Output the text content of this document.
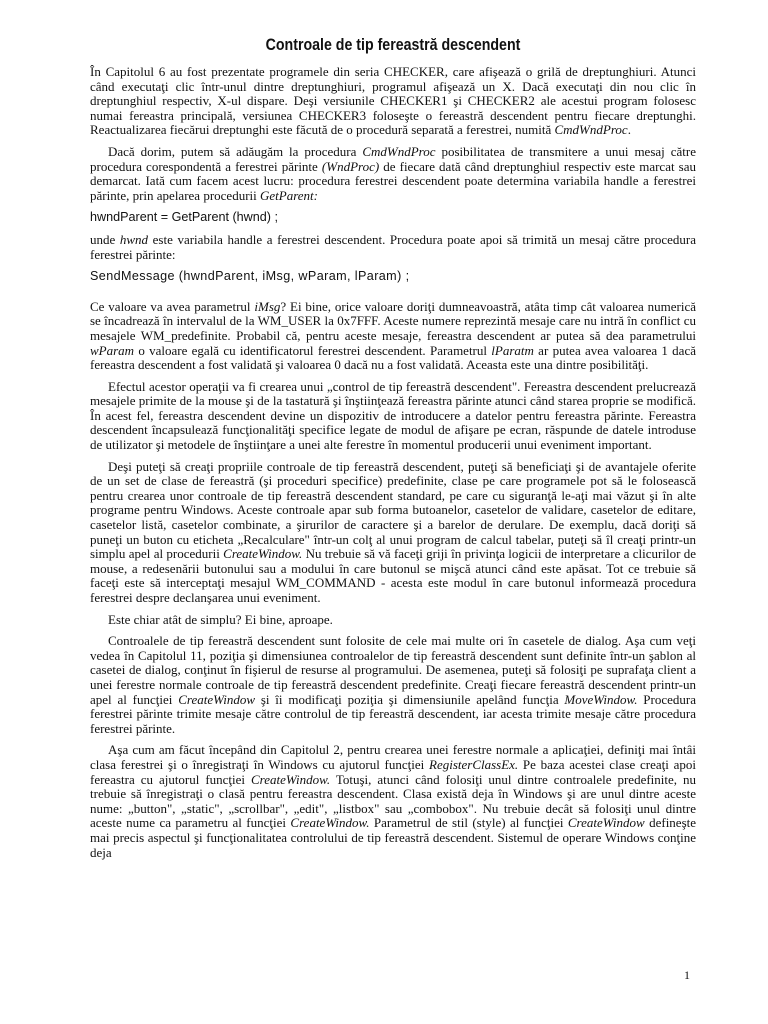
Controale de tip fereastră descendent

În Capitolul 6 au fost prezentate programele din seria CHECKER, care afişează o grilă de dreptunghiuri. Atunci când executaţi clic într-unul dintre dreptunghiuri, programul afişează un X. Dacă executaţi din nou clic în dreptunghiul respectiv, X-ul dispare. Deşi versiunile CHECKER1 şi CHECKER2 ale acestui program folosesc numai fereastra principală, versiunea CHECKER3 foloseşte o fereastră descendent pentru fiecare dreptunghi. Reactualizarea fiecărui dreptunghi este făcută de o procedură separată a ferestrei, numită CmdWndProc.

Dacă dorim, putem să adăugăm la procedura CmdWndProc posibilitatea de transmitere a unui mesaj către procedura corespondentă a ferestrei părinte (WndProc) de fiecare dată când dreptunghiul respectiv este marcat sau demarcat. Iată cum facem acest lucru: procedura ferestrei descendent poate determina variabila handle a ferestrei părinte, prin apelarea procedurii GetParent:

hwndParent = GetParent (hwnd) ;

unde hwnd este variabila handle a ferestrei descendent. Procedura poate apoi să trimită un mesaj către procedura ferestrei părinte:

SendMessage (hwndParent, iMsg, wParam, lParam) ;

Ce valoare va avea parametrul iMsg? Ei bine, orice valoare doriţi dumneavoastră, atâta timp cât valoarea numerică se încadrează în intervalul de la WM_USER la 0x7FFF. Aceste numere reprezintă mesaje care nu intră în conflict cu mesajele WM_predefinite. Probabil că, pentru aceste mesaje, fereastra descendent ar putea să dea parametrului wParam o valoare egală cu identificatorul ferestrei descendent. Parametrul lParatm ar putea avea valoarea 1 dacă fereastra descendent a fost validată şi valoarea 0 dacă nu a fost validată. Aceasta este una dintre posibilităţi.

Efectul acestor operaţii va fi crearea unui „control de tip fereastră descendent". Fereastra descendent prelucrează mesajele primite de la mouse şi de la tastatură şi înştiinţează fereastra părinte atunci când starea proprie se modifică. În acest fel, fereastra descendent devine un dispozitiv de introducere a datelor pentru fereastra părinte. Fereastra descendent încapsulează funcţionalităţi specifice legate de modul de afişare pe ecran, răspunde de datele introduse de utilizator şi metodele de înştiinţare a unei alte ferestre în momentul producerii unui eveniment important.

Deşi puteţi să creaţi propriile controale de tip fereastră descendent, puteţi să beneficiaţi şi de avantajele oferite de un set de clase de fereastră (şi proceduri specifice) predefinite, clase pe care programele pot să le folosească pentru crearea unor controale de tip fereastră descendent standard, pe care cu siguranţă le-aţi mai văzut şi în alte programe pentru Windows. Aceste controale apar sub forma butoanelor, casetelor de validare, casetelor de editare, casetelor listă, casetelor combinate, a şirurilor de caractere şi a barelor de derulare. De exemplu, dacă doriţi să puneţi un buton cu eticheta „Recalculare" într-un colţ al unui program de calcul tabelar, puteţi să îl creaţi printr-un simplu apel al procedurii CreateWindow. Nu trebuie să vă faceţi griji în privinţa logicii de interpretare a clicurilor de mouse, a redesenării butonului sau a modului în care butonul se mişcă atunci când este apăsat. Tot ce trebuie să faceţi este să interceptaţi mesajul WM_COMMAND - acesta este modul în care butonul informează procedura ferestrei despre declanşarea unui eveniment.

Este chiar atât de simplu? Ei bine, aproape.

Controalele de tip fereastră descendent sunt folosite de cele mai multe ori în casetele de dialog. Aşa cum veţi vedea în Capitolul 11, poziţia şi dimensiunea controalelor de tip fereastră descendent sunt definite într-un şablon al casetei de dialog, conţinut în fişierul de resurse al programului. De asemenea, puteţi să folosiţi pe suprafaţa client a unei ferestre normale controale de tip fereastră descendent predefinite. Creaţi fiecare fereastră descendent printr-un apel al funcţiei CreateWindow şi îi modificaţi poziţia şi dimensiunile apelând funcţia MoveWindow. Procedura ferestrei părinte trimite mesaje către controlul de tip fereastră descendent, iar acesta trimite mesaje către procedura ferestrei părinte.

Aşa cum am făcut începând din Capitolul 2, pentru crearea unei ferestre normale a aplicaţiei, definiţi mai întâi clasa ferestrei şi o înregistraţi în Windows cu ajutorul funcţiei RegisterClassEx. Pe baza acestei clase creaţi apoi fereastra cu ajutorul funcţiei CreateWindow. Totuşi, atunci când folosiţi unul dintre controalele predefinite, nu trebuie să înregistraţi o clasă pentru fereastra descendent. Clasa există deja în Windows şi are unul dintre aceste nume: „button", „static", „scrollbar", „edit", „listbox" sau „combobox". Nu trebuie decât să folosiţi unul dintre aceste nume ca parametru al funcţiei CreateWindow. Parametrul de stil (style) al funcţiei CreateWindow defineşte mai precis aspectul şi funcţionalitatea controlului de tip fereastră descendent. Sistemul de operare Windows conţine deja

1
